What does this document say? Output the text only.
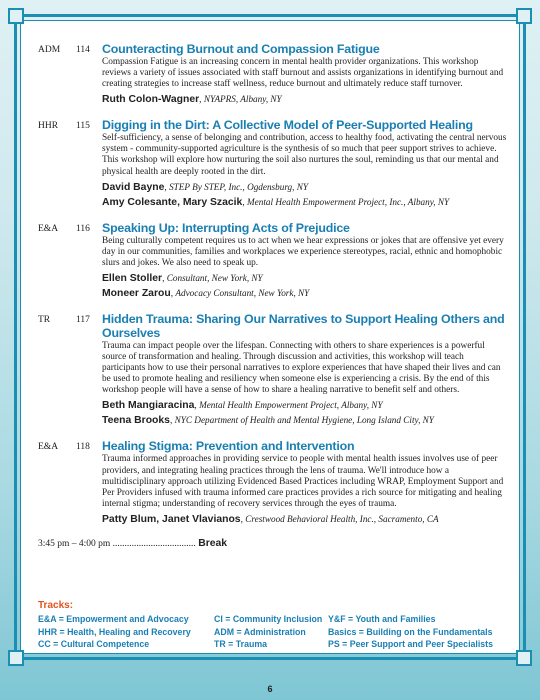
ADM	114 Counteracting Burnout and Compassion Fatigue
Compassion Fatigue is an increasing concern in mental health provider organizations. This workshop reviews a variety of issues associated with staff burnout and assists organizations in identifying burnout and creating strategies to increase staff wellness, reduce burnout and ultimately reduce staff turnover.
Ruth Colon-Wagner, NYAPRS, Albany, NY
HHR	115 Digging in the Dirt: A Collective Model of Peer-Supported Healing
Self-sufficiency, a sense of belonging and contribution, access to healthy food, activating the central nervous system - community-supported agriculture is the synthesis of so much that peer support strives to achieve. This workshop will explore how nurturing the soil also nurtures the soul, reminding us that our mental and physical health are deeply rooted in the dirt.
David Bayne, STEP By STEP, Inc., Ogdensburg, NY
Amy Colesante, Mary Szacik, Mental Health Empowerment Project, Inc., Albany, NY
E&A	116 Speaking Up: Interrupting Acts of Prejudice
Being culturally competent requires us to act when we hear expressions or jokes that are offensive yet every day in our communities, families and workplaces we experience stereotypes, racial, ethnic and homophobic slurs and jokes. We also need to speak up.
Ellen Stoller, Consultant, New York, NY
Moneer Zarou, Advocacy Consultant, New York, NY
TR	117 Hidden Trauma: Sharing Our Narratives to Support Healing Others and Ourselves
Trauma can impact people over the lifespan. Connecting with others to share experiences is a powerful source of transformation and healing. Through discussion and activities, this workshop will teach participants how to use their personal narratives to explore experiences that have shaped their lives and can be used to promote healing and resiliency when someone else is experiencing a crisis. By the end of this workshop people will have a sense of how to share a healing narrative to benefit self and others.
Beth Mangiaracina, Mental Health Empowerment Project, Albany, NY
Teena Brooks, NYC Department of Health and Mental Hygiene, Long Island City, NY
E&A	118 Healing Stigma: Prevention and Intervention
Trauma informed approaches in providing service to people with mental health issues involves use of peer providers, and integrating healing practices through the lens of trauma. We'll introduce how a multidisciplinary approach utilizing Evidenced Based Practices including WRAP, Employment Support and Per Providers infused with trauma informed care practices provides a rich source for mitigating and healing internal stigma; understanding of recovery services through the eyes of trauma.
Patty Blum, Janet Vlavianos, Crestwood Behavioral Health, Inc., Sacramento, CA
3:45 pm – 4:00 pm ................................... Break
Tracks:
E&A = Empowerment and Advocacy	CI = Community Inclusion Y&F = Youth and Families
HHR = Health, Healing and Recovery	ADM = Administration	Basics = Building on the Fundamentals
CC = Cultural Competence	TR = Trauma	PS = Peer Support and Peer Specialists
6
